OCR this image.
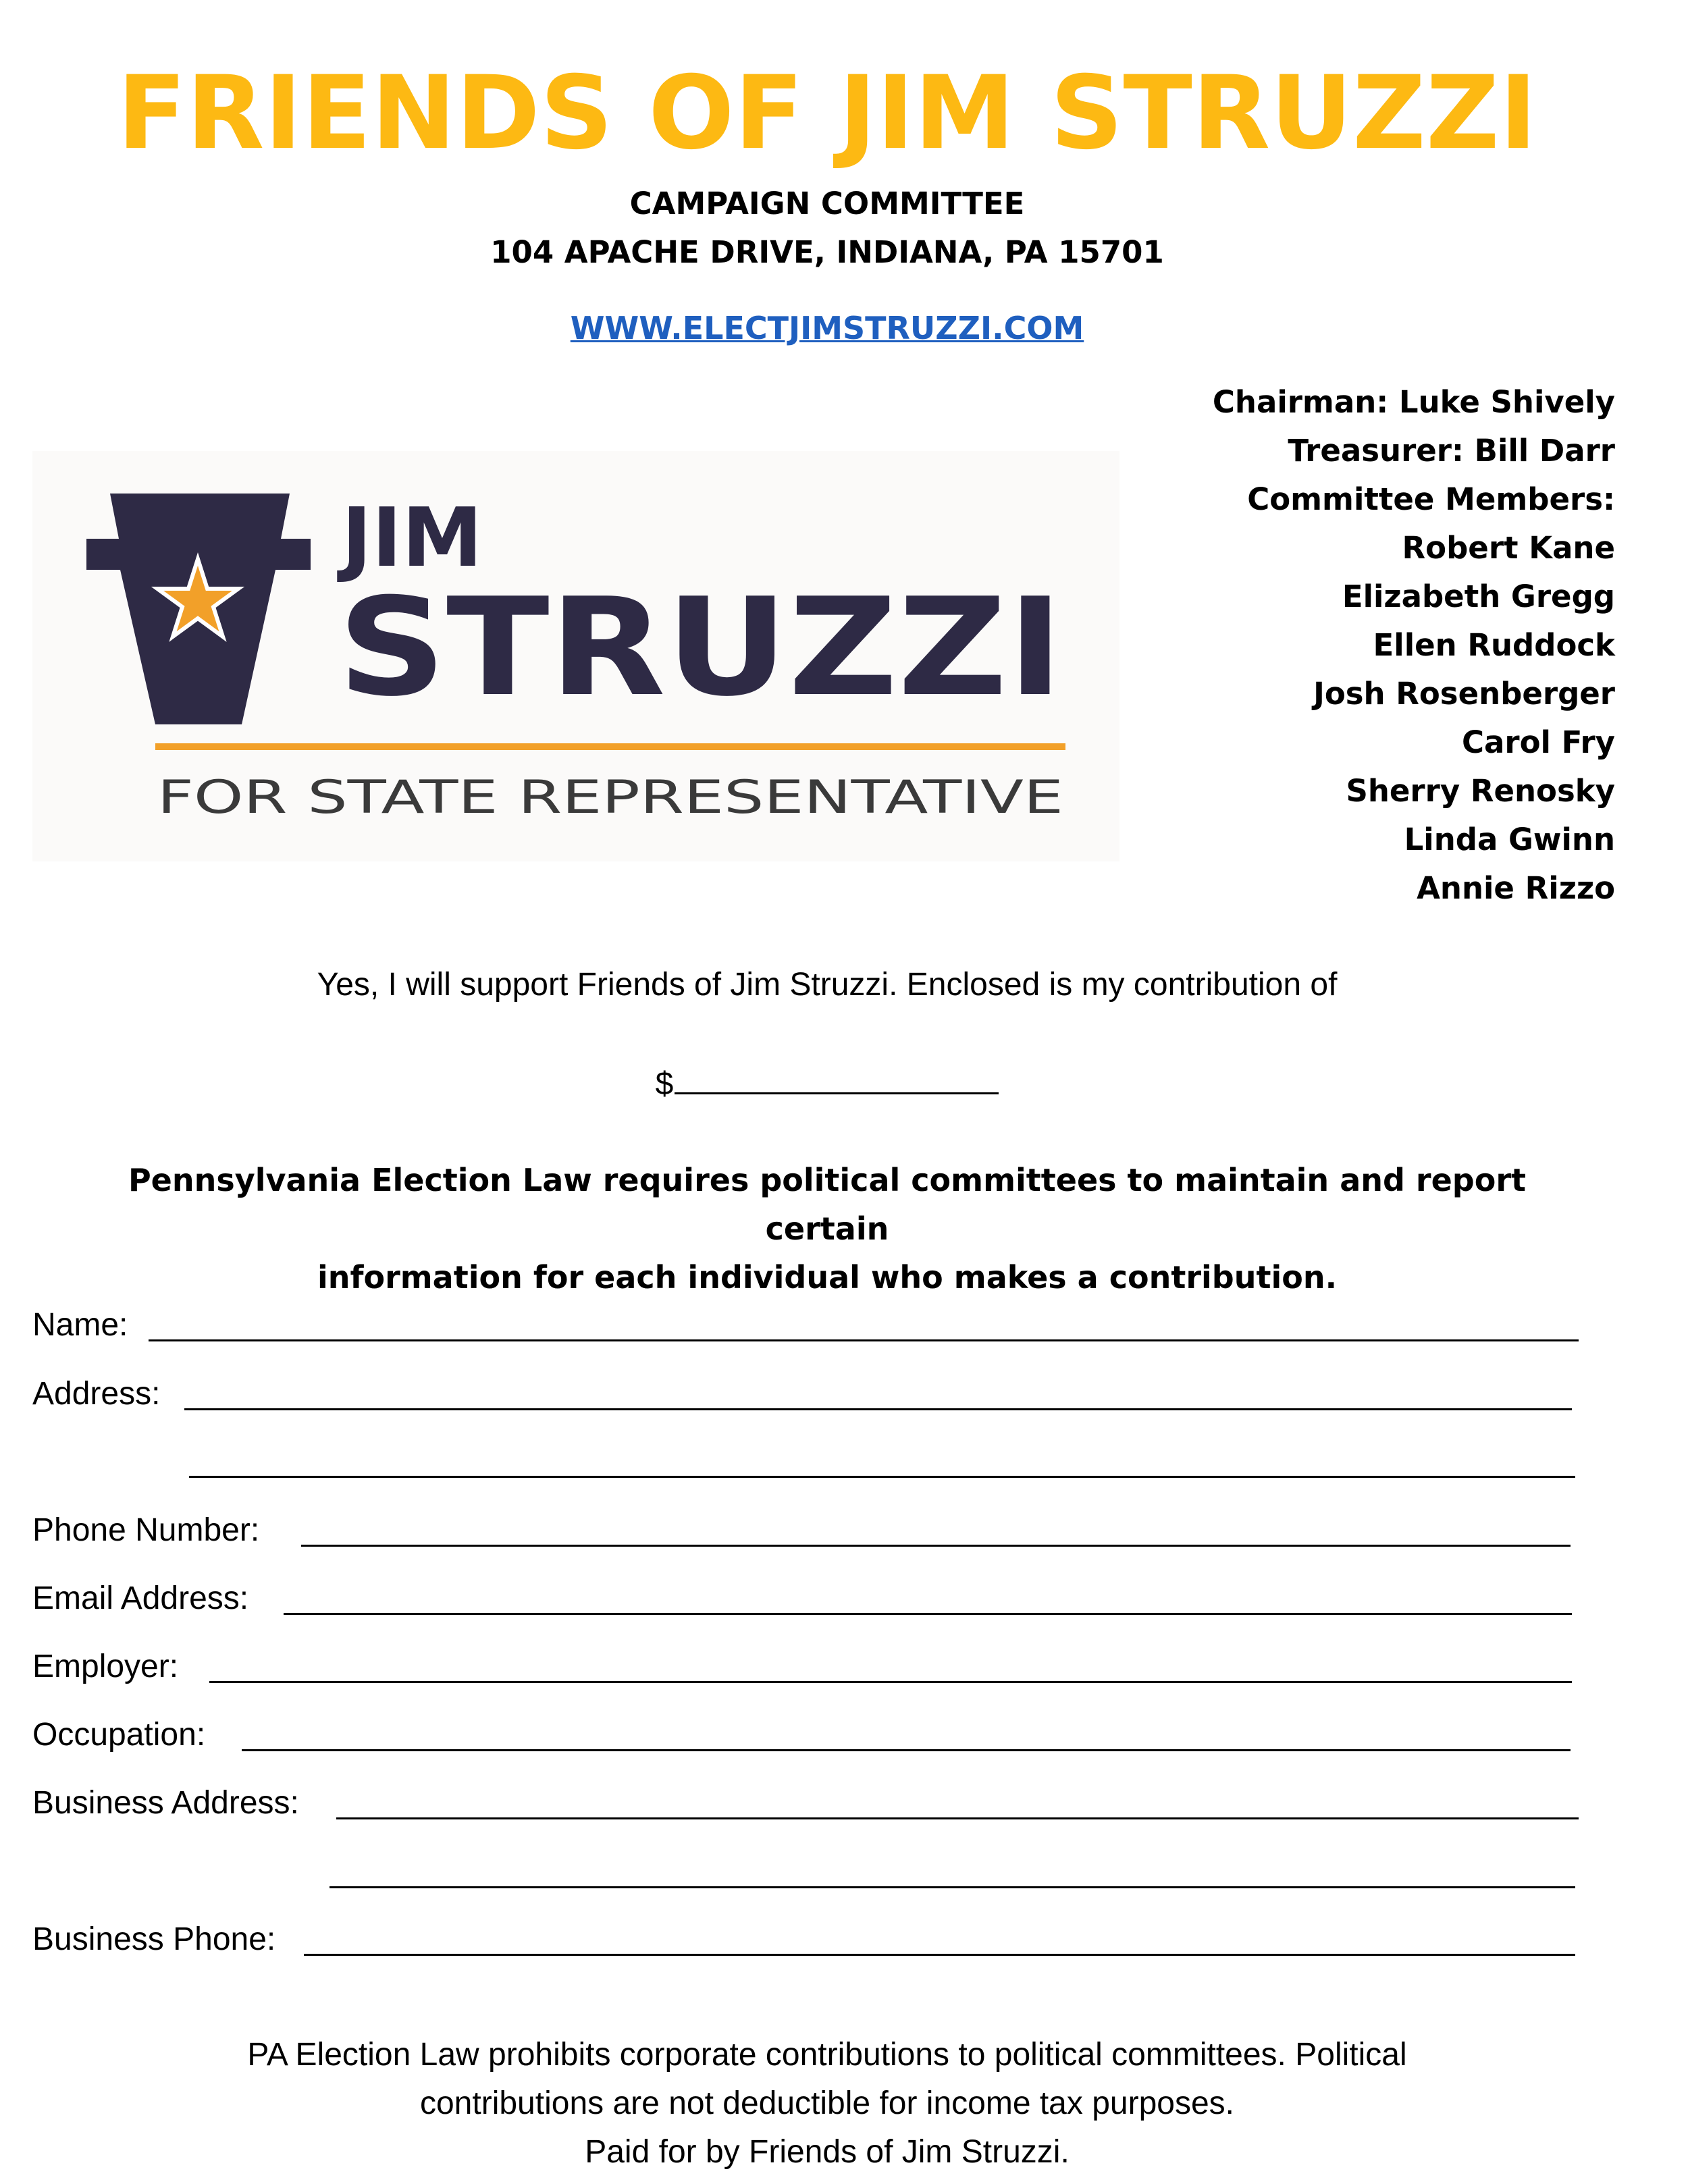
FRIENDS OF JIM STRUZZI
CAMPAIGN COMMITTEE
104 APACHE DRIVE, INDIANA, PA 15701
WWW.ELECTJIMSTRUZZI.COM
Chairman: Luke Shively
Treasurer: Bill Darr
Committee Members:
Robert Kane
Elizabeth Gregg
Ellen Ruddock
Josh Rosenberger
Carol Fry
Sherry Renosky
Linda Gwinn
Annie Rizzo
JIM
STRUZZI
FOR STATE REPRESENTATIVE
Yes, I will support Friends of Jim Struzzi. Enclosed is my contribution of
$
Pennsylvania Election Law requires political committees to maintain and report certain
information for each individual who makes a contribution.
Name:
Address:
Phone Number:
Email Address:
Employer:
Occupation:
Business Address:
Business Phone:
PA Election Law prohibits corporate contributions to political committees. Political
contributions are not deductible for income tax purposes.
Paid for by Friends of Jim Struzzi.
